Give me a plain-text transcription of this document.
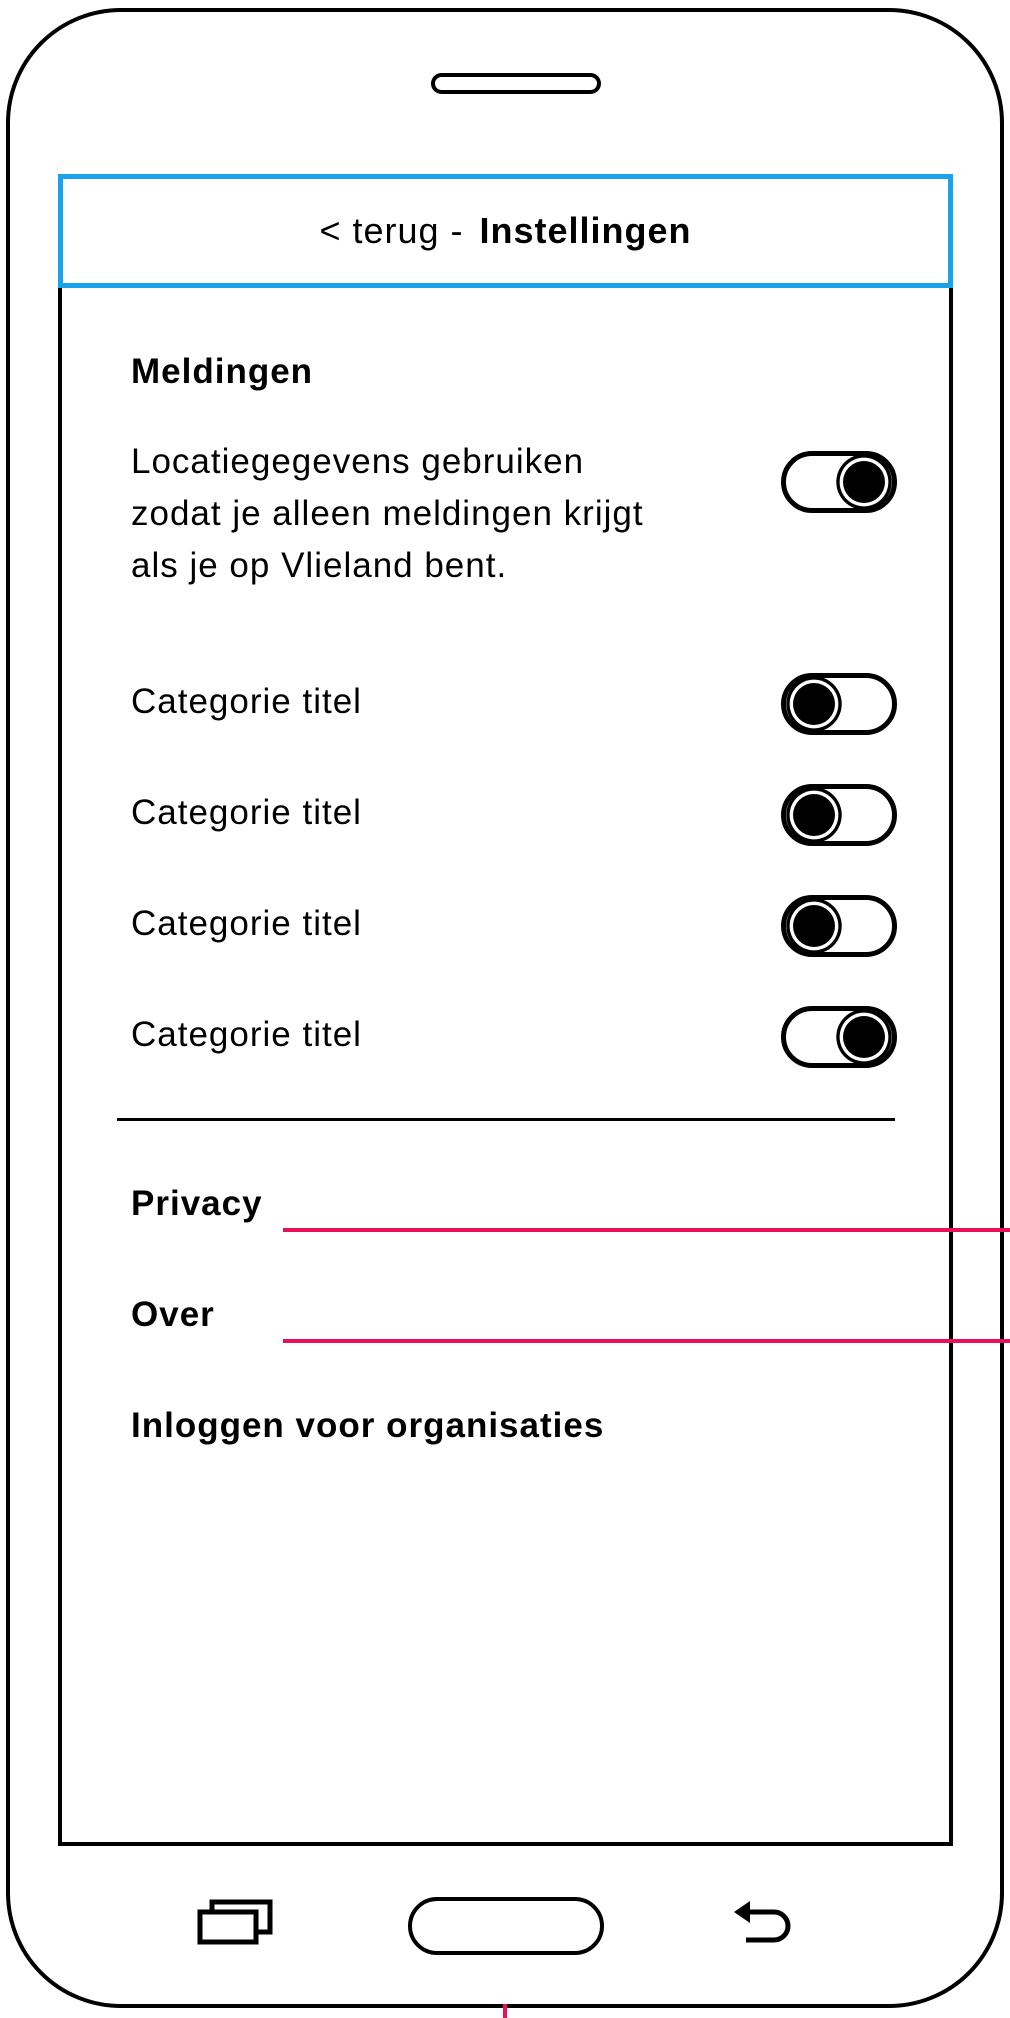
< terug - Instellingen
Meldingen
Locatiegegevens gebruiken zodat je alleen meldingen krijgt als je op Vlieland bent.
Categorie titel
Categorie titel
Categorie titel
Categorie titel
Privacy
Over
Inloggen voor organisaties
